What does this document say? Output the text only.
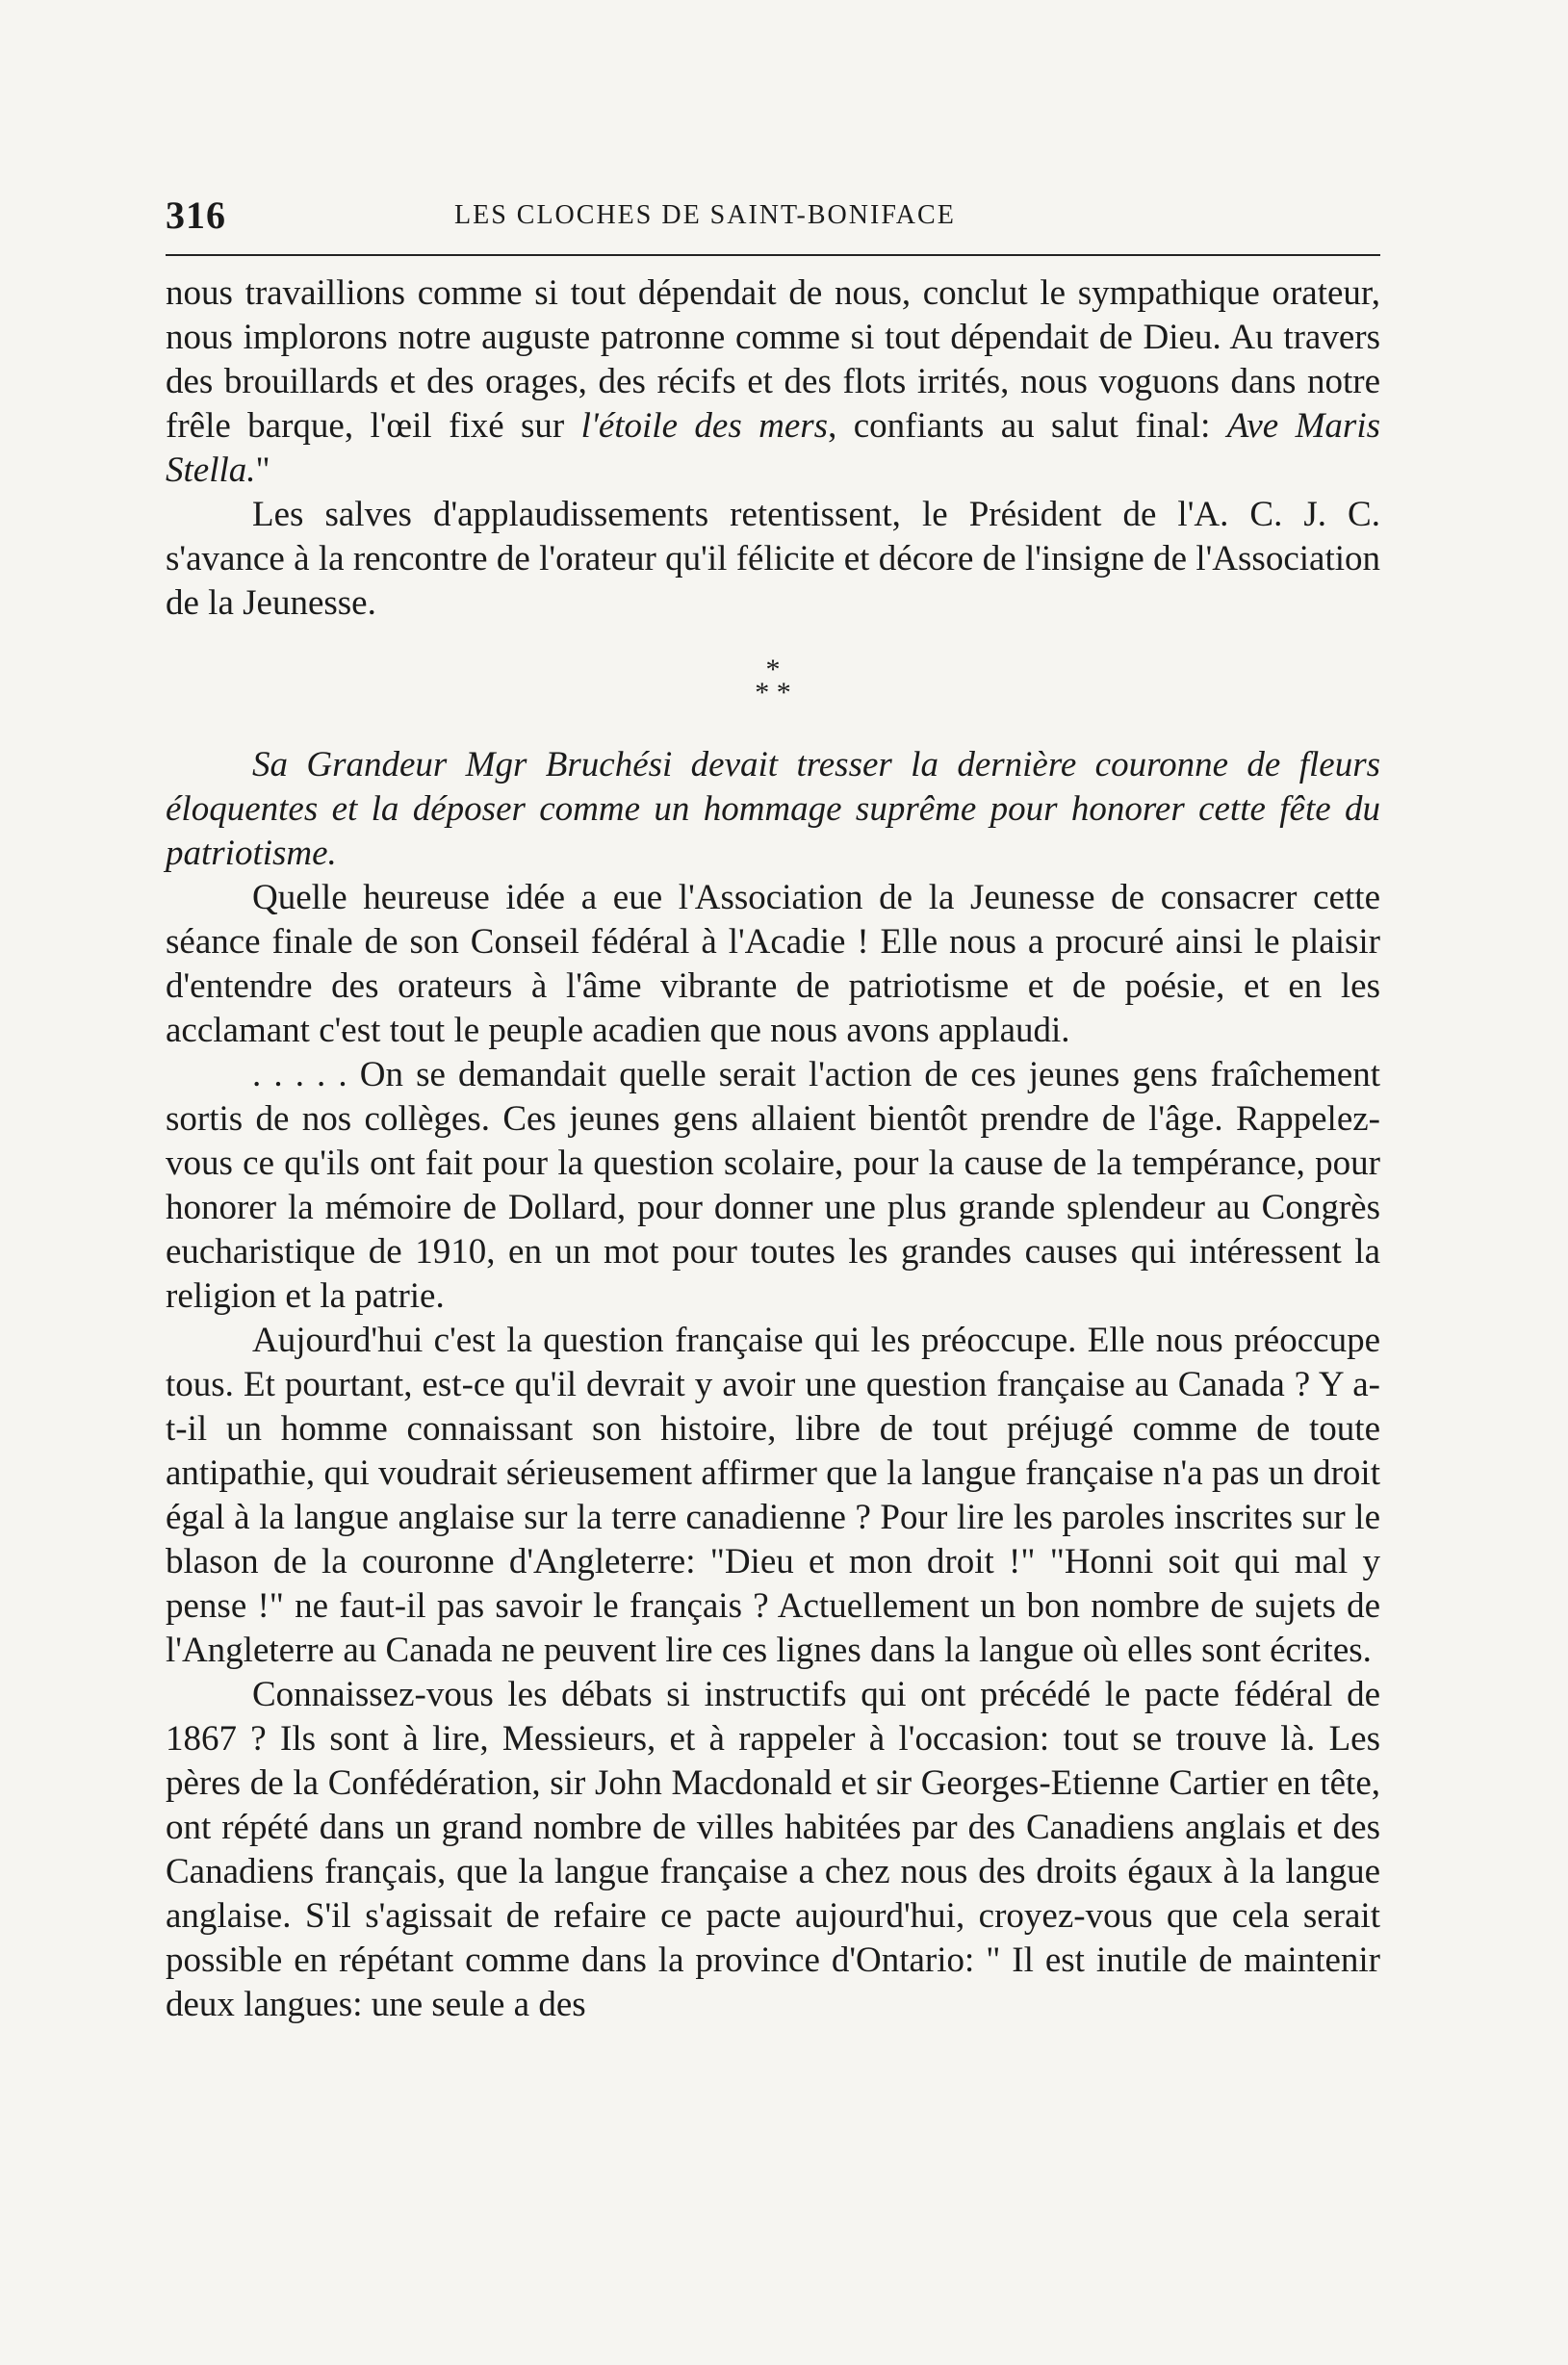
316	LES CLOCHES DE SAINT-BONIFACE

nous travaillions comme si tout dépendait de nous, conclut le sympathique orateur, nous implorons notre auguste patronne comme si tout dépendait de Dieu. Au travers des brouillards et des orages, des récifs et des flots irrités, nous voguons dans notre frêle barque, l'œil fixé sur l'étoile des mers, confiants au salut final: Ave Maris Stella."

Les salves d'applaudissements retentissent, le Président de l'A. C. J. C. s'avance à la rencontre de l'orateur qu'il félicite et décore de l'insigne de l'Association de la Jeunesse.

*
* *

Sa Grandeur Mgr Bruchési devait tresser la dernière couronne de fleurs éloquentes et la déposer comme un hommage suprême pour honorer cette fête du patriotisme.

Quelle heureuse idée a eue l'Association de la Jeunesse de consacrer cette séance finale de son Conseil fédéral à l'Acadie ! Elle nous a procuré ainsi le plaisir d'entendre des orateurs à l'âme vibrante de patriotisme et de poésie, et en les acclamant c'est tout le peuple acadien que nous avons applaudi.

. . . . . On se demandait quelle serait l'action de ces jeunes gens fraîchement sortis de nos collèges. Ces jeunes gens allaient bientôt prendre de l'âge. Rappelez-vous ce qu'ils ont fait pour la question scolaire, pour la cause de la tempérance, pour honorer la mémoire de Dollard, pour donner une plus grande splendeur au Congrès eucharistique de 1910, en un mot pour toutes les grandes causes qui intéressent la religion et la patrie.

Aujourd'hui c'est la question française qui les préoccupe. Elle nous préoccupe tous. Et pourtant, est-ce qu'il devrait y avoir une question française au Canada ? Y a-t-il un homme connaissant son histoire, libre de tout préjugé comme de toute antipathie, qui voudrait sérieusement affirmer que la langue française n'a pas un droit égal à la langue anglaise sur la terre canadienne ? Pour lire les paroles inscrites sur le blason de la couronne d'Angleterre: "Dieu et mon droit !" "Honni soit qui mal y pense !" ne faut-il pas savoir le français ? Actuellement un bon nombre de sujets de l'Angleterre au Canada ne peuvent lire ces lignes dans la langue où elles sont écrites.

Connaissez-vous les débats si instructifs qui ont précédé le pacte fédéral de 1867 ? Ils sont à lire, Messieurs, et à rappeler à l'occasion: tout se trouve là. Les pères de la Confédération, sir John Macdonald et sir Georges-Etienne Cartier en tête, ont répété dans un grand nombre de villes habitées par des Canadiens anglais et des Canadiens français, que la langue française a chez nous des droits égaux à la langue anglaise. S'il s'agissait de refaire ce pacte aujourd'hui, croyez-vous que cela serait possible en répétant comme dans la province d'Ontario: " Il est inutile de maintenir deux langues: une seule a des
